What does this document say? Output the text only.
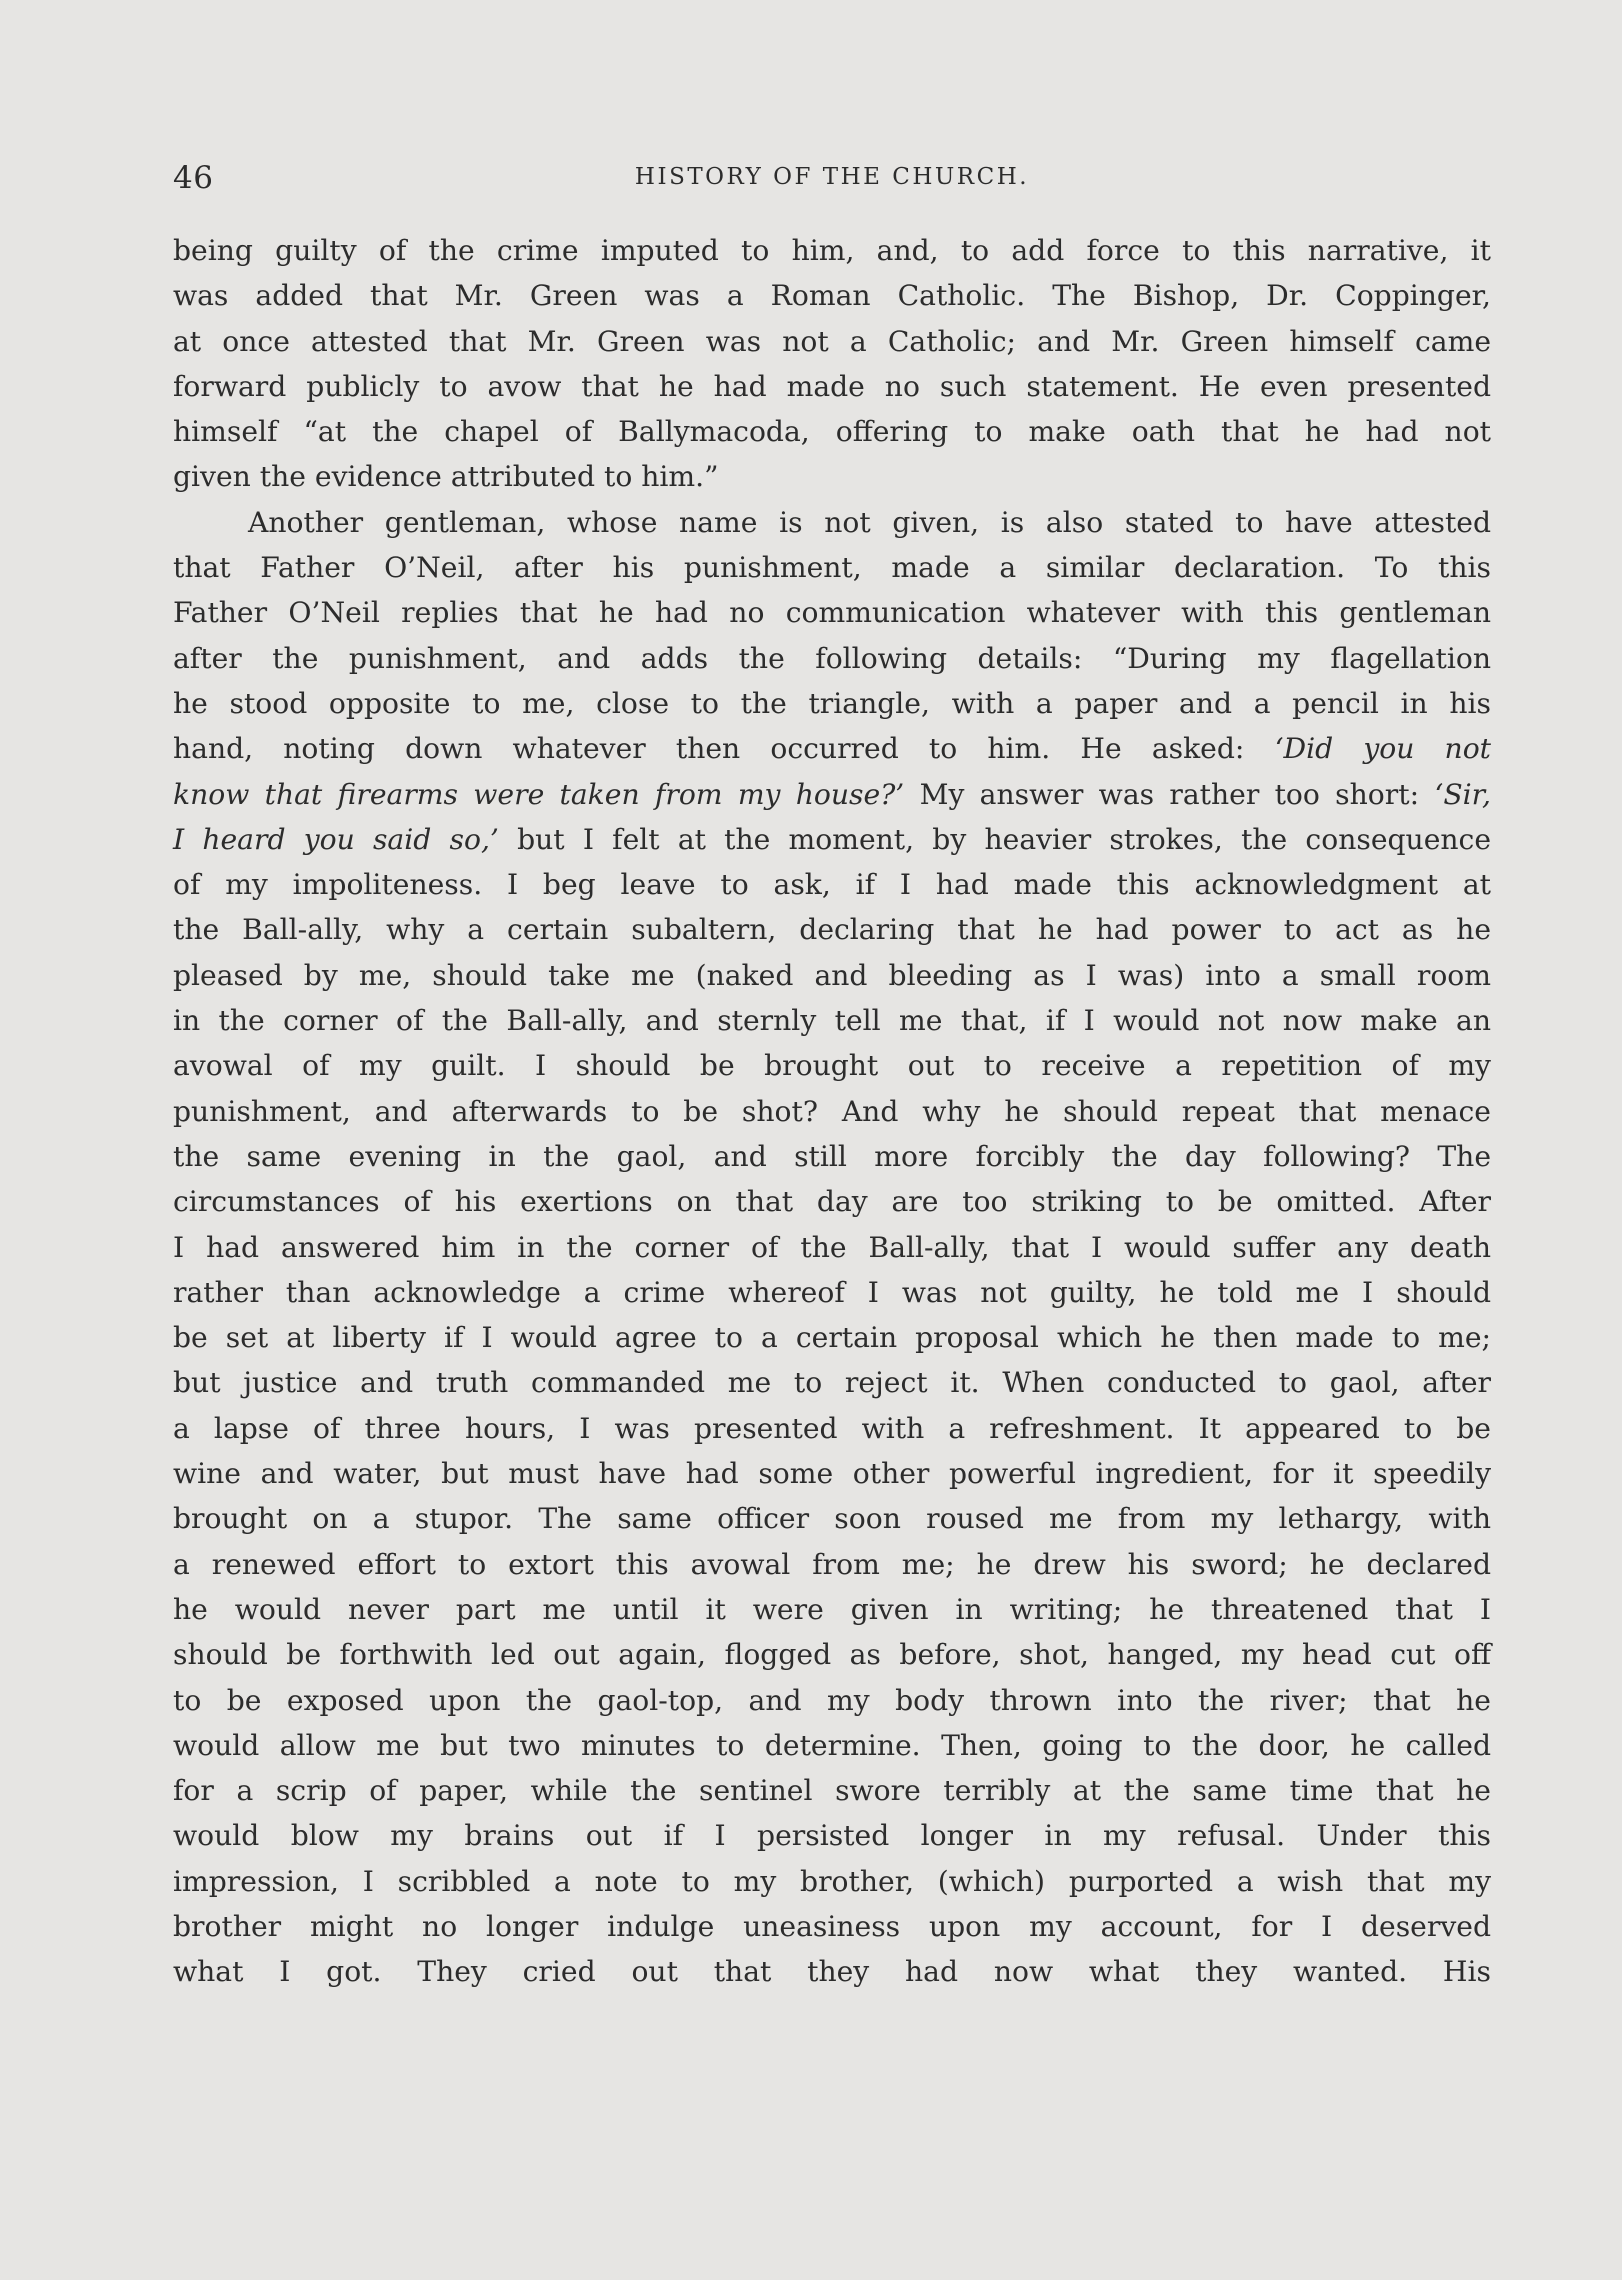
46	HISTORY OF THE CHURCH.
being guilty of the crime imputed to him, and, to add force to this narrative, it
was added that Mr. Green was a Roman Catholic. The Bishop, Dr. Coppinger,
at once attested that Mr. Green was not a Catholic; and Mr. Green himself came
forward publicly to avow that he had made no such statement. He even presented
himself “at the chapel of Ballymacoda, offering to make oath that he had not
given the evidence attributed to him.”
Another gentleman, whose name is not given, is also stated to have attested
that Father O’Neil, after his punishment, made a similar declaration. To this
Father O’Neil replies that he had no communication whatever with this gentleman
after the punishment, and adds the following details: “During my flagellation
he stood opposite to me, close to the triangle, with a paper and a pencil in his
hand, noting down whatever then occurred to him. He asked: ‘Did you not
know that firearms were taken from my house?’ My answer was rather too short: ‘Sir,
I heard you said so,’ but I felt at the moment, by heavier strokes, the consequence
of my impoliteness. I beg leave to ask, if I had made this acknowledgment at
the Ball-ally, why a certain subaltern, declaring that he had power to act as he
pleased by me, should take me (naked and bleeding as I was) into a small room
in the corner of the Ball-ally, and sternly tell me that, if I would not now make an
avowal of my guilt. I should be brought out to receive a repetition of my
punishment, and afterwards to be shot? And why he should repeat that menace
the same evening in the gaol, and still more forcibly the day following? The
circumstances of his exertions on that day are too striking to be omitted. After
I had answered him in the corner of the Ball-ally, that I would suffer any death
rather than acknowledge a crime whereof I was not guilty, he told me I should
be set at liberty if I would agree to a certain proposal which he then made to me;
but justice and truth commanded me to reject it. When conducted to gaol, after
a lapse of three hours, I was presented with a refreshment. It appeared to be
wine and water, but must have had some other powerful ingredient, for it speedily
brought on a stupor. The same officer soon roused me from my lethargy, with
a renewed effort to extort this avowal from me; he drew his sword; he declared
he would never part me until it were given in writing; he threatened that I
should be forthwith led out again, flogged as before, shot, hanged, my head cut off
to be exposed upon the gaol-top, and my body thrown into the river; that he
would allow me but two minutes to determine. Then, going to the door, he called
for a scrip of paper, while the sentinel swore terribly at the same time that he
would blow my brains out if I persisted longer in my refusal. Under this
impression, I scribbled a note to my brother, (which) purported a wish that my
brother might no longer indulge uneasiness upon my account, for I deserved
what I got. They cried out that they had now what they wanted. His
